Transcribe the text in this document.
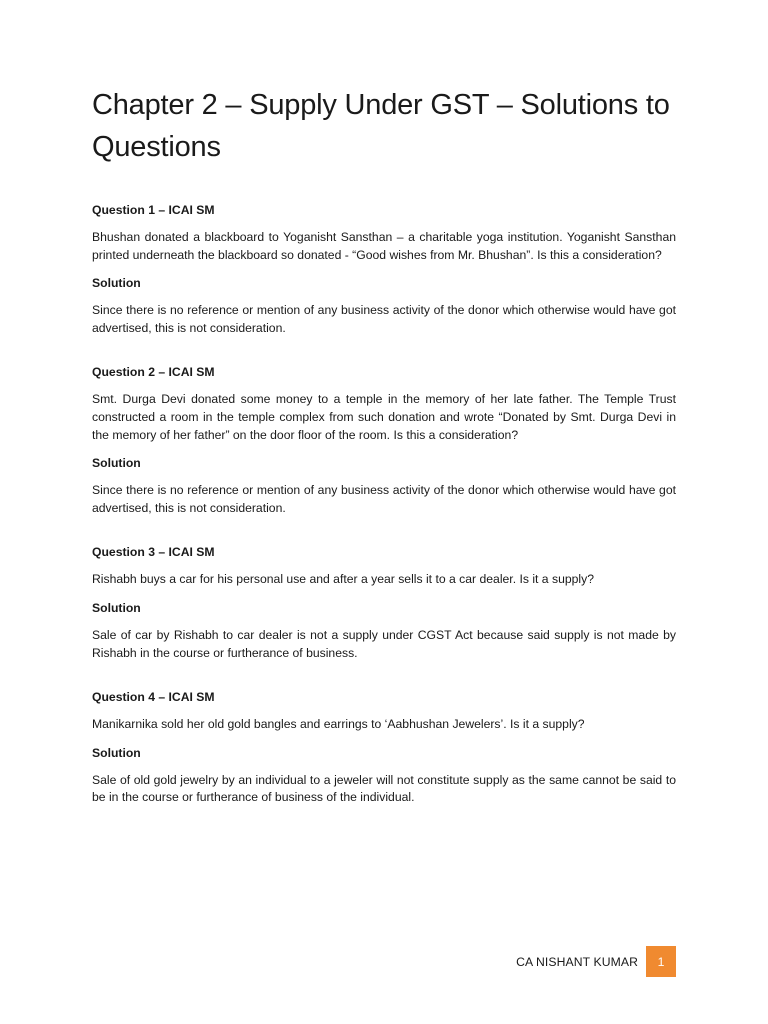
Chapter 2 – Supply Under GST – Solutions to Questions

Question 1 – ICAI SM

Bhushan donated a blackboard to Yoganisht Sansthan – a charitable yoga institution. Yoganisht Sansthan printed underneath the blackboard so donated - “Good wishes from Mr. Bhushan”. Is this a consideration?

Solution

Since there is no reference or mention of any business activity of the donor which otherwise would have got advertised, this is not consideration.

Question 2 – ICAI SM

Smt. Durga Devi donated some money to a temple in the memory of her late father. The Temple Trust constructed a room in the temple complex from such donation and wrote “Donated by Smt. Durga Devi in the memory of her father” on the door floor of the room. Is this a consideration?

Solution

Since there is no reference or mention of any business activity of the donor which otherwise would have got advertised, this is not consideration.

Question 3 – ICAI SM

Rishabh buys a car for his personal use and after a year sells it to a car dealer. Is it a supply?

Solution

Sale of car by Rishabh to car dealer is not a supply under CGST Act because said supply is not made by Rishabh in the course or furtherance of business.

Question 4 – ICAI SM

Manikarnika sold her old gold bangles and earrings to ‘Aabhushan Jewelers’. Is it a supply?

Solution

Sale of old gold jewelry by an individual to a jeweler will not constitute supply as the same cannot be said to be in the course or furtherance of business of the individual.

CA NISHANT KUMAR	1
